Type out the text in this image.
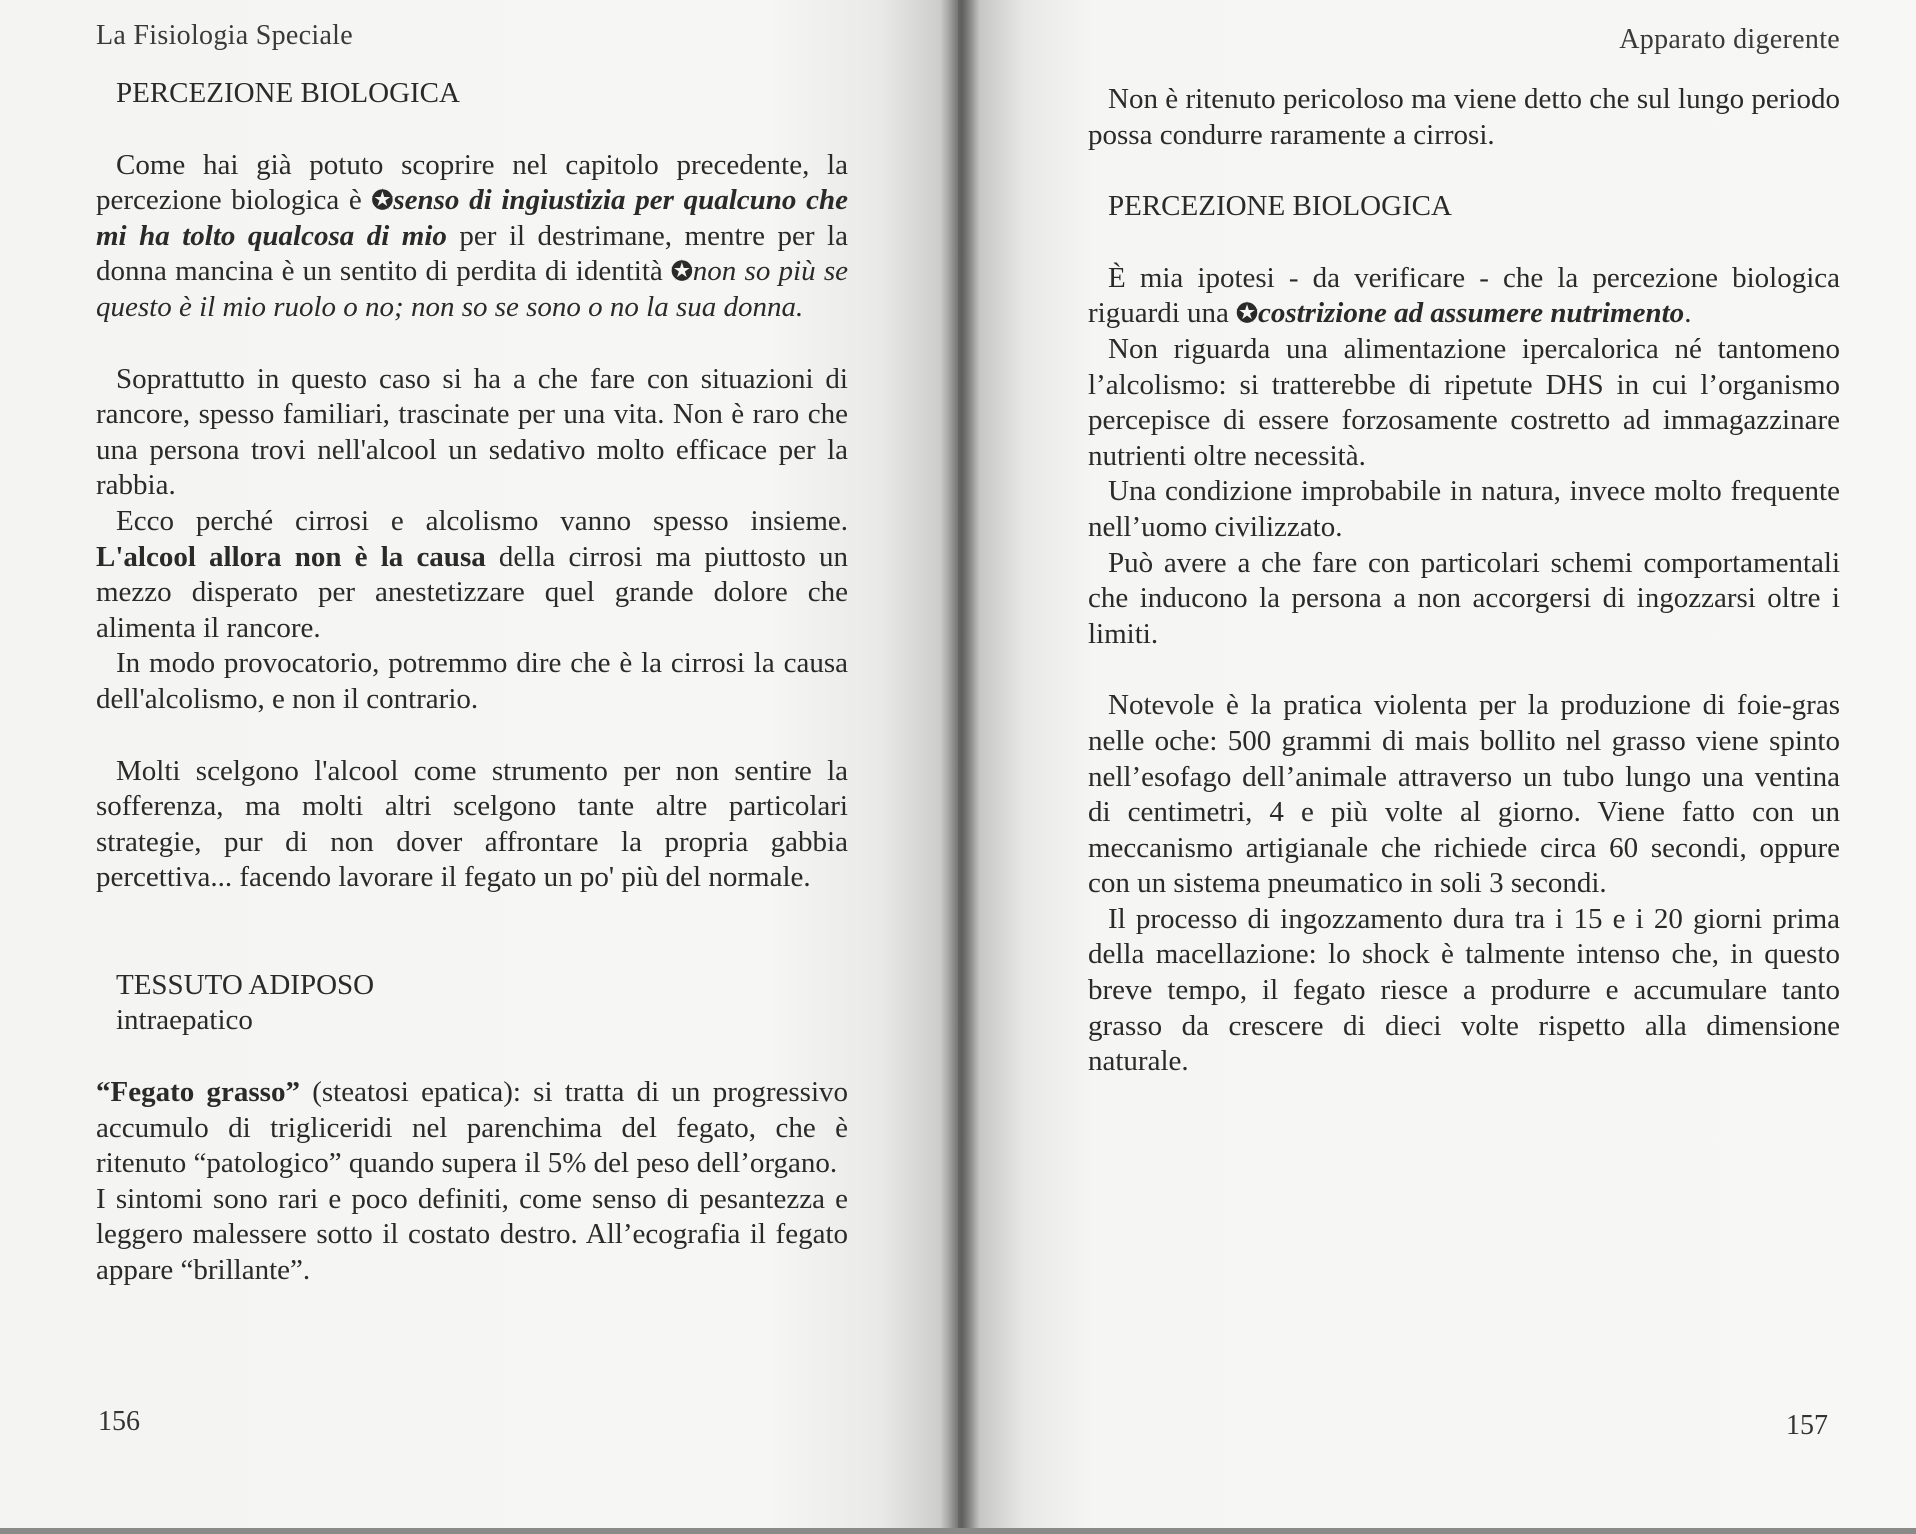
La Fisiologia Speciale
PERCEZIONE BIOLOGICA

Come hai già potuto scoprire nel capitolo precedente, la percezione biologica è ✪senso di ingiustizia per qualcuno che mi ha tolto qualcosa di mio per il destrimane, mentre per la donna mancina è un sentito di perdita di identità ✪non so più se questo è il mio ruolo o no; non so se sono o no la sua donna.

Soprattutto in questo caso si ha a che fare con situazioni di rancore, spesso familiari, trascinate per una vita. Non è raro che una persona trovi nell'alcool un sedativo molto efficace per la rabbia.

Ecco perché cirrosi e alcolismo vanno spesso insieme. L'alcool allora non è la causa della cirrosi ma piuttosto un mezzo disperato per anestetizzare quel grande dolore che alimenta il rancore.

In modo provocatorio, potremmo dire che è la cirrosi la causa dell'alcolismo, e non il contrario.

Molti scelgono l'alcool come strumento per non sentire la sofferenza, ma molti altri scelgono tante altre particolari strategie, pur di non dover affrontare la propria gabbia percettiva... facendo lavorare il fegato un po' più del normale.

TESSUTO ADIPOSO
intraepatico

“Fegato grasso” (steatosi epatica): si tratta di un progressivo accumulo di trigliceridi nel parenchima del fegato, che è ritenuto “patologico” quando supera il 5% del peso dell’organo.

I sintomi sono rari e poco definiti, come senso di pesantezza e leggero malessere sotto il costato destro. All’ecografia il fegato appare “brillante”.

156
Apparato digerente
157

Non è ritenuto pericoloso ma viene detto che sul lungo periodo possa condurre raramente a cirrosi.

PERCEZIONE BIOLOGICA

È mia ipotesi - da verificare - che la percezione biologica riguardi una ✪costrizione ad assumere nutrimento.

Non riguarda una alimentazione ipercalorica né tantomeno l’alcolismo: si tratterebbe di ripetute DHS in cui l’organismo percepisce di essere forzosamente costretto ad immagazzinare nutrienti oltre necessità.

Una condizione improbabile in natura, invece molto frequente nell’uomo civilizzato.

Può avere a che fare con particolari schemi comportamentali che inducono la persona a non accorgersi di ingozzarsi oltre i limiti.

Notevole è la pratica violenta per la produzione di foie-gras nelle oche: 500 grammi di mais bollito nel grasso viene spinto nell’esofago dell’animale attraverso un tubo lungo una ventina di centimetri, 4 e più volte al giorno. Viene fatto con un meccanismo artigianale che richiede circa 60 secondi, oppure con un sistema pneumatico in soli 3 secondi.

Il processo di ingozzamento dura tra i 15 e i 20 giorni prima della macellazione: lo shock è talmente intenso che, in questo breve tempo, il fegato riesce a produrre e accumulare tanto grasso da crescere di dieci volte rispetto alla dimensione naturale.
